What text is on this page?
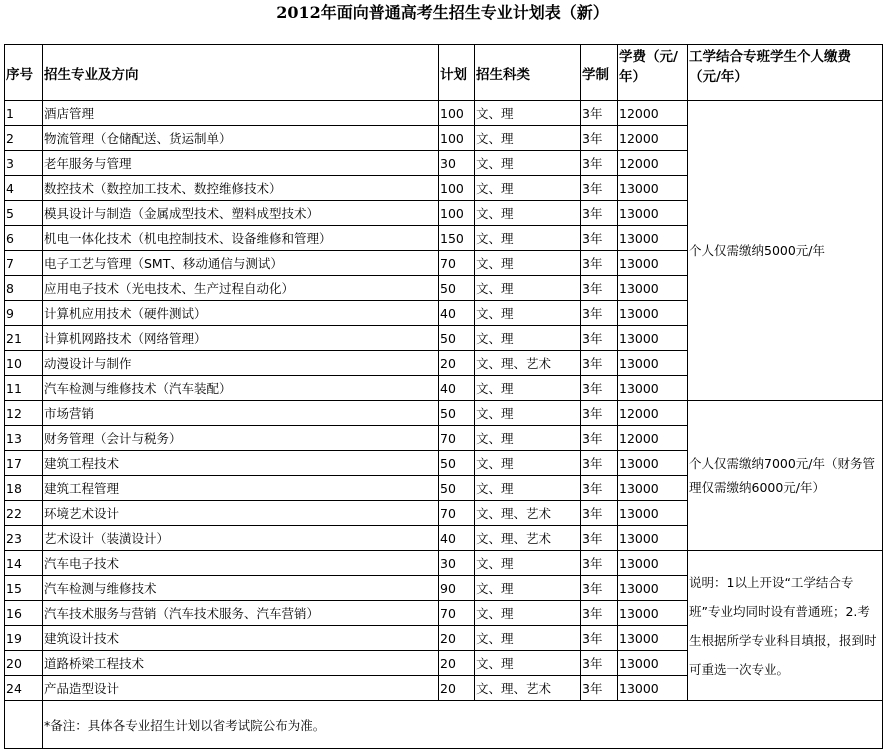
2012年面向普通高考生招生专业计划表（新）
序号	招生专业及方向	计划	招生科类	学制	学费（元/年）	工学结合专班学生个人缴费（元/年）
1	酒店管理	100	文、理	3年	12000	个人仅需缴纳5000元/年
2	物流管理（仓储配送、货运制单）	100	文、理	3年	12000	
3	老年服务与管理	30	文、理	3年	12000	
4	数控技术（数控加工技术、数控维修技术）	100	文、理	3年	13000	
5	模具设计与制造（金属成型技术、塑料成型技术）	100	文、理	3年	13000	
6	机电一体化技术（机电控制技术、设备维修和管理）	150	文、理	3年	13000	
7	电子工艺与管理（SMT、移动通信与测试）	70	文、理	3年	13000	
8	应用电子技术（光电技术、生产过程自动化）	50	文、理	3年	13000	
9	计算机应用技术（硬件测试）	40	文、理	3年	13000	
21	计算机网路技术（网络管理）	50	文、理	3年	13000	
10	动漫设计与制作	20	文、理、艺术	3年	13000	
11	汽车检测与维修技术（汽车装配）	40	文、理	3年	13000	
12	市场营销	50	文、理	3年	12000	个人仅需缴纳7000元/年（财务管理仅需缴纳6000元/年）
13	财务管理（会计与税务）	70	文、理	3年	12000	
17	建筑工程技术	50	文、理	3年	13000	
18	建筑工程管理	50	文、理	3年	13000	
22	环境艺术设计	70	文、理、艺术	3年	13000	
23	艺术设计（装潢设计）	40	文、理、艺术	3年	13000	
14	汽车电子技术	30	文、理	3年	13000	说明：1以上开设“工学结合专班”专业均同时设有普通班；2.考生根据所学专业科目填报，报到时可重选一次专业。
15	汽车检测与维修技术	90	文、理	3年	13000	
16	汽车技术服务与营销（汽车技术服务、汽车营销）	70	文、理	3年	13000	
19	建筑设计技术	20	文、理	3年	13000	
20	道路桥梁工程技术	20	文、理	3年	13000	
24	产品造型设计	20	文、理、艺术	3年	13000	
	*备注：具体各专业招生计划以省考试院公布为准。					
